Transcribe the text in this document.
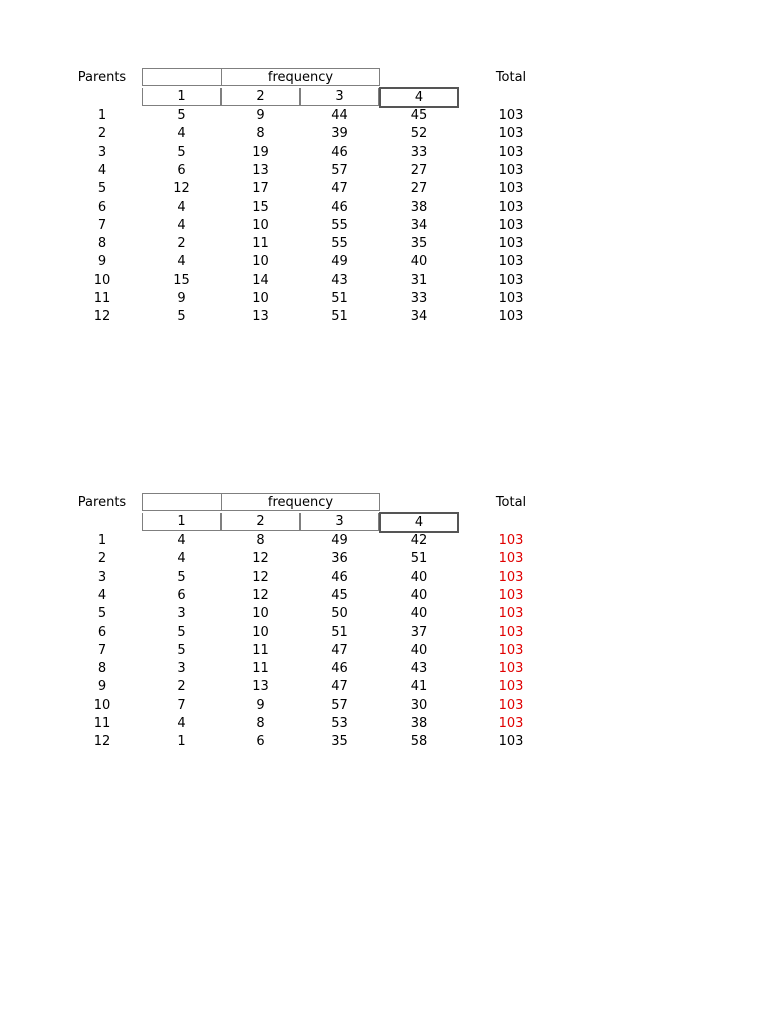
Parents	frequency	Total
1	2	3	4
1	5	9	44	45	103
2	4	8	39	52	103
3	5	19	46	33	103
4	6	13	57	27	103
5	12	17	47	27	103
6	4	15	46	38	103
7	4	10	55	34	103
8	2	11	55	35	103
9	4	10	49	40	103
10	15	14	43	31	103
11	9	10	51	33	103
12	5	13	51	34	103
Parents	frequency	Total
1	2	3	4
1	4	8	49	42	103
2	4	12	36	51	103
3	5	12	46	40	103
4	6	12	45	40	103
5	3	10	50	40	103
6	5	10	51	37	103
7	5	11	47	40	103
8	3	11	46	43	103
9	2	13	47	41	103
10	7	9	57	30	103
11	4	8	53	38	103
12	1	6	35	58	103
